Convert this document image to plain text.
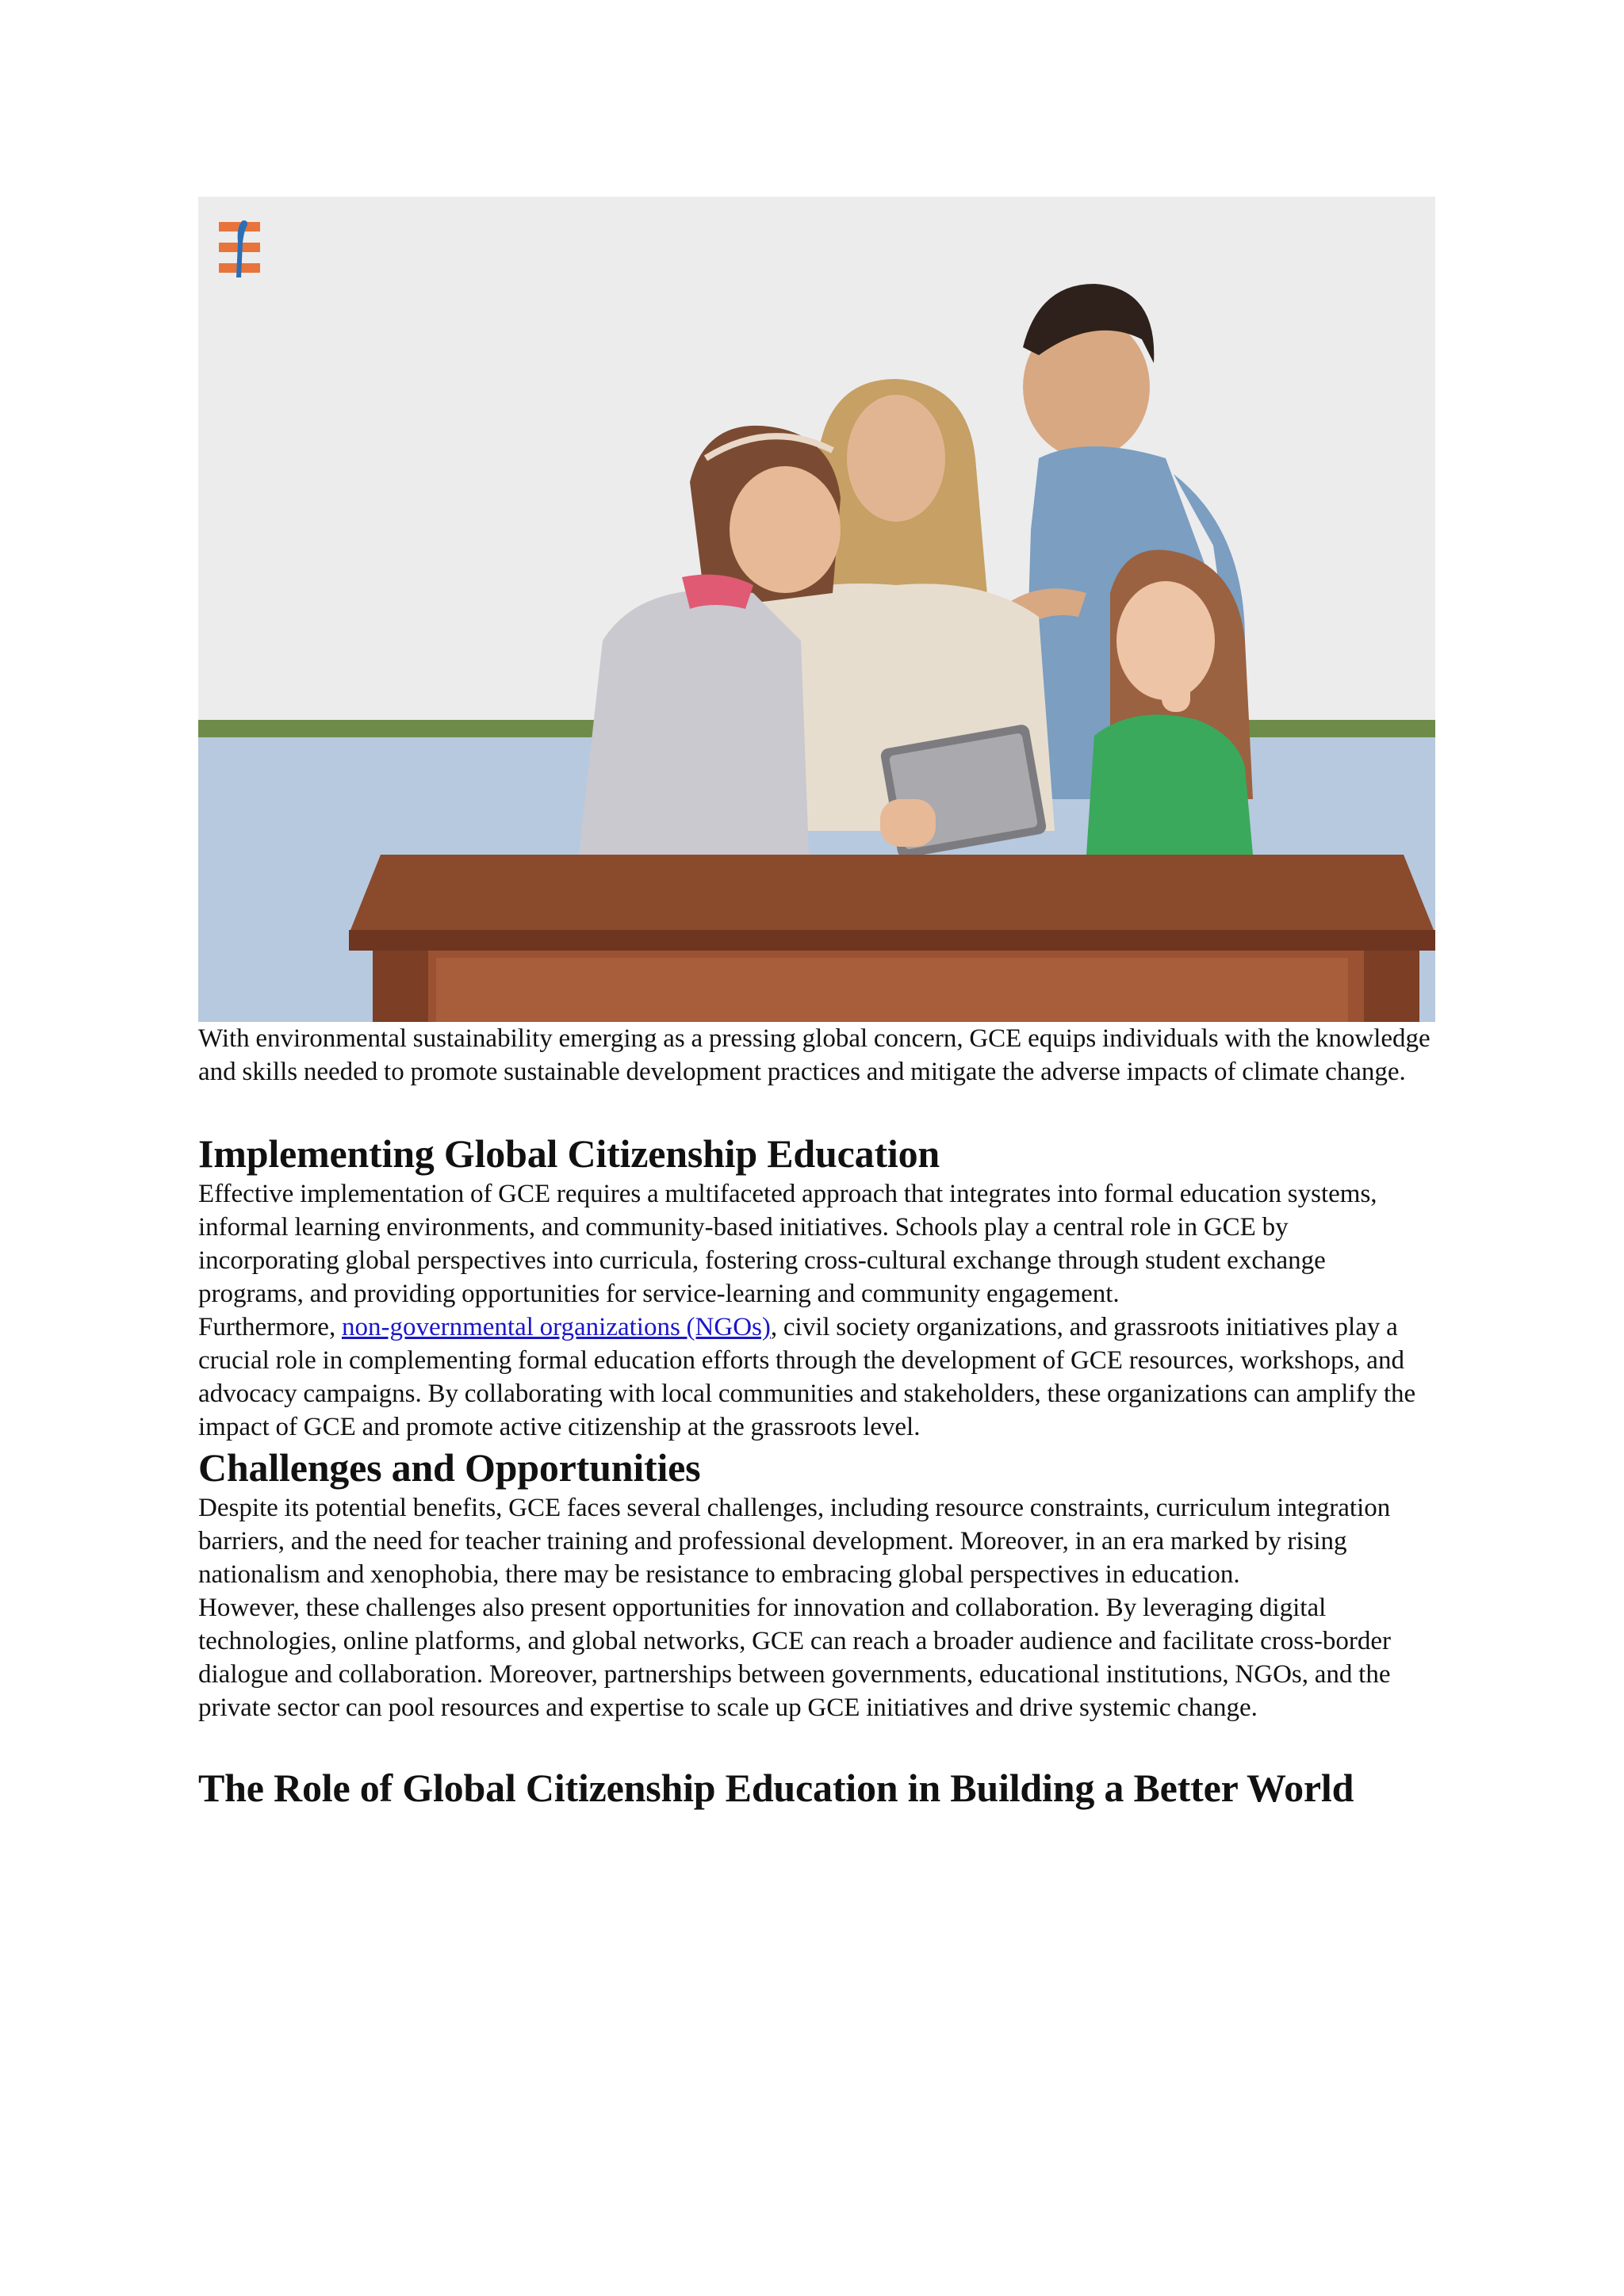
With environmental sustainability emerging as a pressing global concern, GCE equips individuals with the knowledge and skills needed to promote sustainable development practices and mitigate the adverse impacts of climate change.

Implementing Global Citizenship Education

Effective implementation of GCE requires a multifaceted approach that integrates into formal education systems, informal learning environments, and community-based initiatives. Schools play a central role in GCE by incorporating global perspectives into curricula, fostering cross-cultural exchange through student exchange programs, and providing opportunities for service-learning and community engagement.

Furthermore, non-governmental organizations (NGOs), civil society organizations, and grassroots initiatives play a crucial role in complementing formal education efforts through the development of GCE resources, workshops, and advocacy campaigns. By collaborating with local communities and stakeholders, these organizations can amplify the impact of GCE and promote active citizenship at the grassroots level.

Challenges and Opportunities

Despite its potential benefits, GCE faces several challenges, including resource constraints, curriculum integration barriers, and the need for teacher training and professional development. Moreover, in an era marked by rising nationalism and xenophobia, there may be resistance to embracing global perspectives in education.

However, these challenges also present opportunities for innovation and collaboration. By leveraging digital technologies, online platforms, and global networks, GCE can reach a broader audience and facilitate cross-border dialogue and collaboration. Moreover, partnerships between governments, educational institutions, NGOs, and the private sector can pool resources and expertise to scale up GCE initiatives and drive systemic change.

The Role of Global Citizenship Education in Building a Better World
